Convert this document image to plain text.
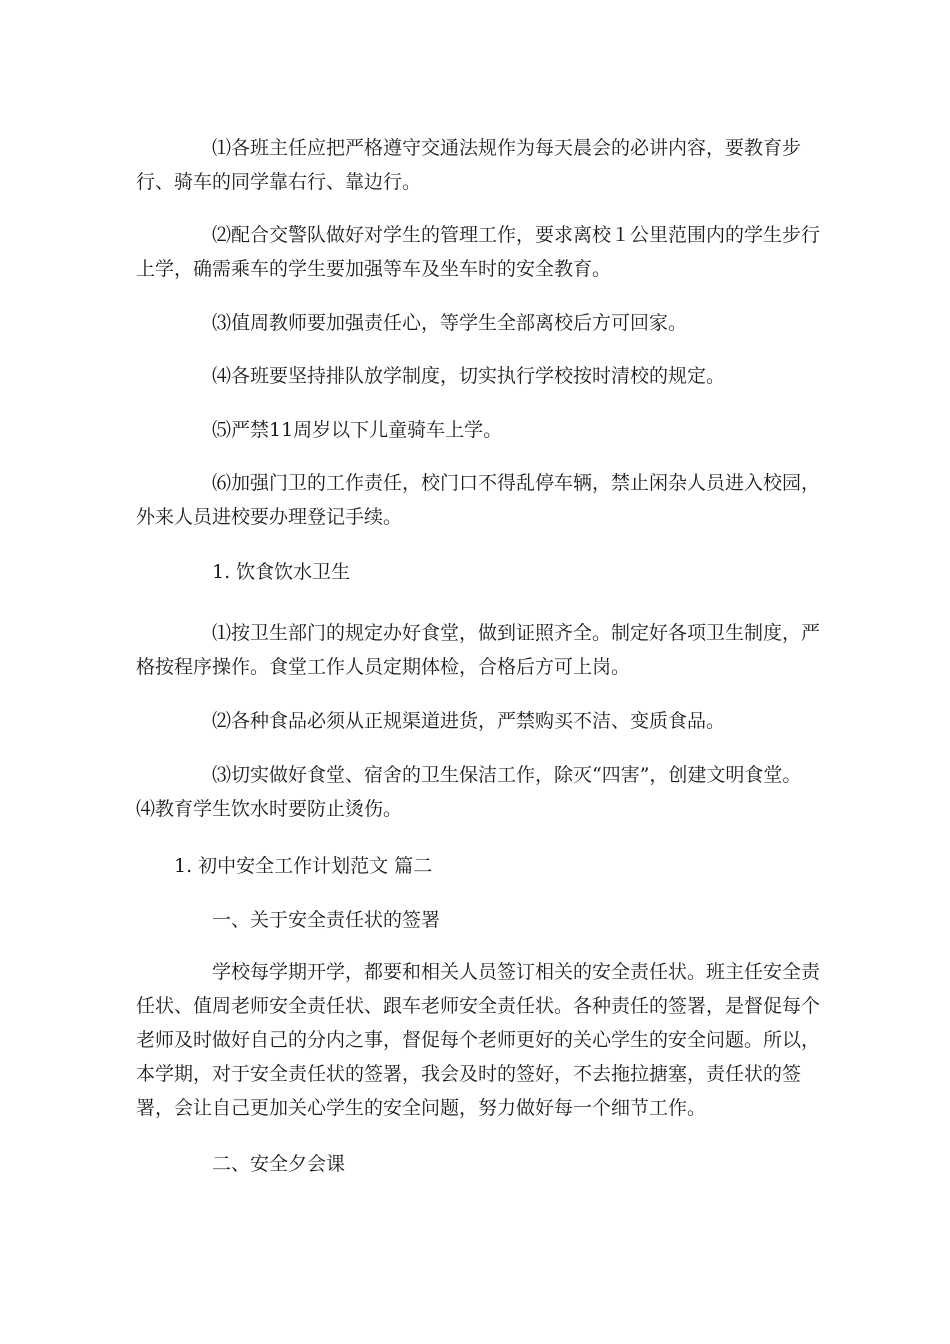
⑴各班主任应把严格遵守交通法规作为每天晨会的必讲内容，要教育步行、骑车的同学靠右行、靠边行。

⑵配合交警队做好对学生的管理工作，要求离校１公里范围内的学生步行上学，确需乘车的学生要加强等车及坐车时的安全教育。

⑶值周教师要加强责任心，等学生全部离校后方可回家。

⑷各班要坚持排队放学制度，切实执行学校按时清校的规定。

⑸严禁11周岁以下儿童骑车上学。

⑹加强门卫的工作责任，校门口不得乱停车辆，禁止闲杂人员进入校园，外来人员进校要办理登记手续。

1. 饮食饮水卫生

⑴按卫生部门的规定办好食堂，做到证照齐全。制定好各项卫生制度，严格按程序操作。食堂工作人员定期体检，合格后方可上岗。

⑵各种食品必须从正规渠道进货，严禁购买不洁、变质食品。

⑶切实做好食堂、宿舍的卫生保洁工作，除灭“四害”，创建文明食堂。

⑷教育学生饮水时要防止烫伤。

1. 初中安全工作计划范文 篇二

一、关于安全责任状的签署

学校每学期开学，都要和相关人员签订相关的安全责任状。班主任安全责任状、值周老师安全责任状、跟车老师安全责任状。各种责任的签署，是督促每个老师及时做好自己的分内之事，督促每个老师更好的关心学生的安全问题。所以，本学期，对于安全责任状的签署，我会及时的签好，不去拖拉搪塞，责任状的签署，会让自己更加关心学生的安全问题，努力做好每一个细节工作。

二、安全夕会课
